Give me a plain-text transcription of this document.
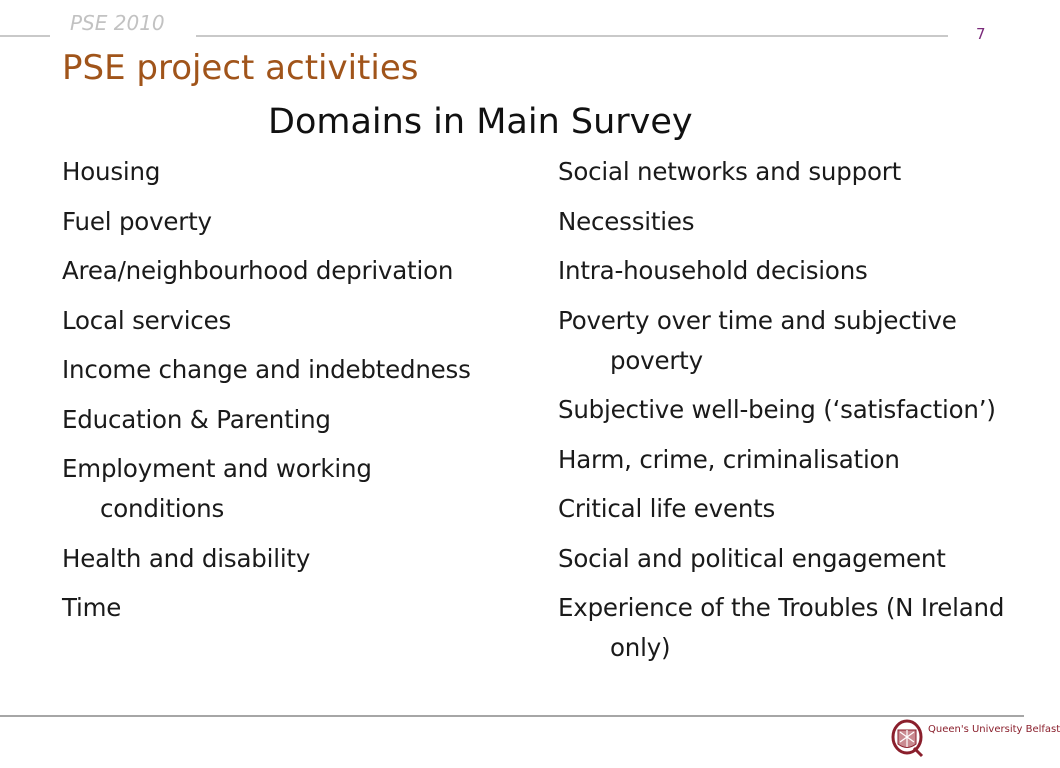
PSE 2010	7
PSE project activities
Domains in Main Survey
Housing
Fuel poverty
Area/neighbourhood deprivation
Local services
Income change and indebtedness
Education & Parenting
Employment and working conditions
Health and disability
Time
Social networks and support
Necessities
Intra-household decisions
Poverty over time and subjective poverty
Subjective well-being (‘satisfaction’)
Harm, crime, criminalisation
Critical life events
Social and political engagement
Experience of the Troubles (N Ireland only)
Queen's University Belfast
